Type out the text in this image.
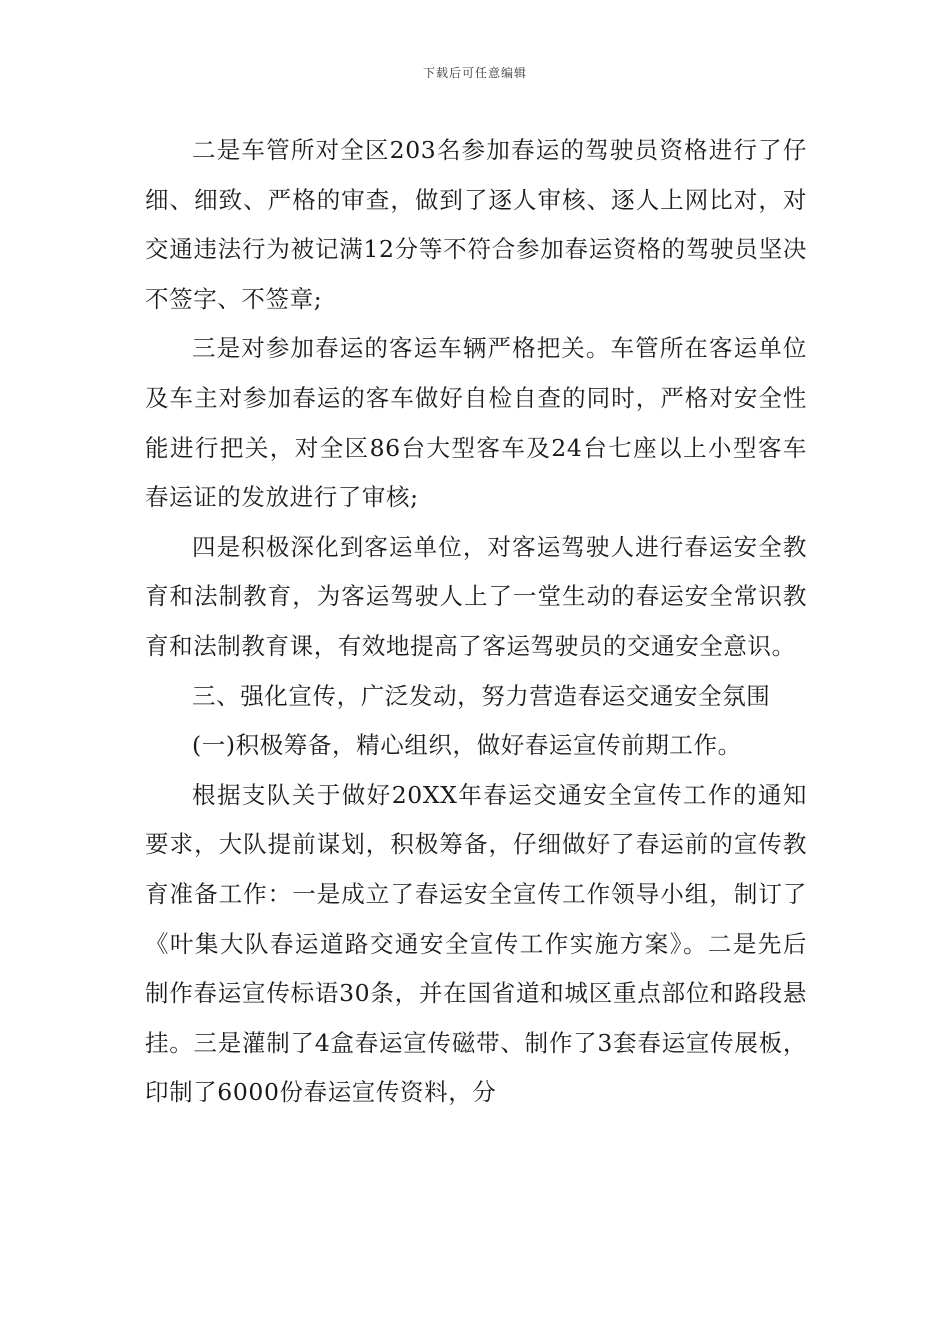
下载后可任意编辑

二是车管所对全区203名参加春运的驾驶员资格进行了仔细、细致、严格的审查，做到了逐人审核、逐人上网比对，对交通违法行为被记满12分等不符合参加春运资格的驾驶员坚决不签字、不签章;

三是对参加春运的客运车辆严格把关。车管所在客运单位及车主对参加春运的客车做好自检自查的同时，严格对安全性能进行把关，对全区86台大型客车及24台七座以上小型客车春运证的发放进行了审核;

四是积极深化到客运单位，对客运驾驶人进行春运安全教育和法制教育，为客运驾驶人上了一堂生动的春运安全常识教育和法制教育课，有效地提高了客运驾驶员的交通安全意识。

三、强化宣传，广泛发动，努力营造春运交通安全氛围

(一)积极筹备，精心组织，做好春运宣传前期工作。

根据支队关于做好20XX年春运交通安全宣传工作的通知要求，大队提前谋划，积极筹备，仔细做好了春运前的宣传教育准备工作：一是成立了春运安全宣传工作领导小组，制订了《叶集大队春运道路交通安全宣传工作实施方案》。二是先后制作春运宣传标语30条，并在国省道和城区重点部位和路段悬挂。三是灌制了4盒春运宣传磁带、制作了3套春运宣传展板，印制了6000份春运宣传资料，分
